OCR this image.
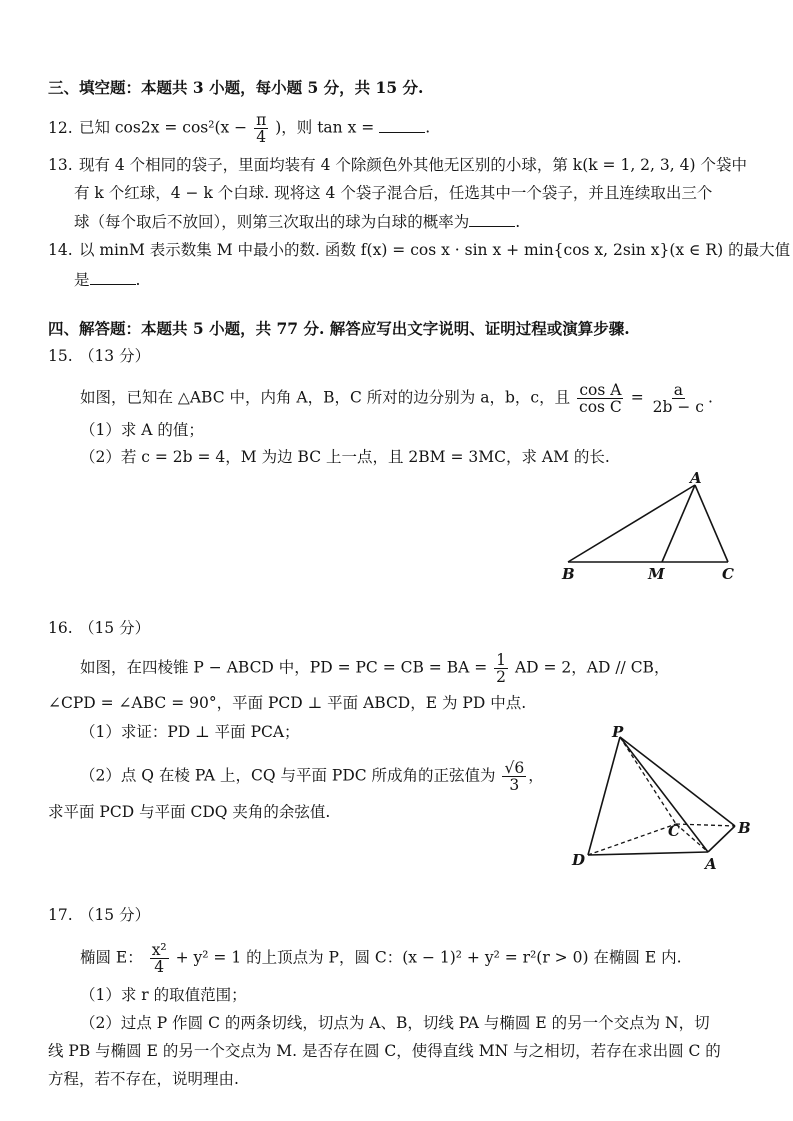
三、填空题：本题共 3 小题，每小题 5 分，共 15 分.
12. 已知 $\cos 2x = \cos^2(x - \frac{\pi}{4}$ )，则 tan x =	.
13. 现有 4 个相同的袋子，里面均装有 4 个除颜色外其他无区别的小球，第 k(k = 1, 2, 3, 4) 个袋中
有 k 个红球，4 − k 个白球. 现将这 4 个袋子混合后，任选其中一个袋子，并且连续取出三个
球（每个取后不放回），则第三次取出的球为白球的概率为	.
14. 以 minM 表示数集 M 中最小的数. 函数 f(x) = cos x · sin x + min{cos x, 2sin x}(x ∈ R) 的最大值
是	.
四、解答题：本题共 5 小题，共 77 分. 解答应写出文字说明、证明过程或演算步骤.
15. （13 分）
如图，已知在 △ABC 中，内角 A，B，C 所对的边分别为 a，b，c，且 $\frac{\text{cos A}}{\text{cos C}} = \frac{a}{2b - c}$ .
（1）求 A 的值；
（2）若 c = 2b = 4，M 为边 BC 上一点，且 2BM = 3MC，求 AM 的长.
A
B	M	C
16. （15 分）
如图，在四棱锥 P − ABCD 中，PD = PC = CB = BA = $\frac{1}{2}$ AD = 2，AD // CB，
∠CPD = ∠ABC = 90°，平面 PCD ⊥ 平面 ABCD，E 为 PD 中点.
（1）求证：PD ⊥ 平面 PCA；
（2）点 Q 在棱 PA 上，CQ 与平面 PDC 所成角的正弦值为 $\frac{√6}{3}$ ，
求平面 PCD 与平面 CDQ 夹角的余弦值.
P
B
C
D	A
17. （15 分）
椭圆 E： $\frac{\text{x²}}{4} + y^2 = 1$ 的上顶点为 P，圆 C：(x − 1)² + y² = r²(r > 0) 在椭圆 E 内.
（1）求 r 的取值范围；
（2）过点 P 作圆 C 的两条切线，切点为 A、B，切线 PA 与椭圆 E 的另一个交点为 N，切
线 PB 与椭圆 E 的另一个交点为 M. 是否存在圆 C，使得直线 MN 与之相切，若存在求出圆 C 的
方程，若不存在，说明理由.
